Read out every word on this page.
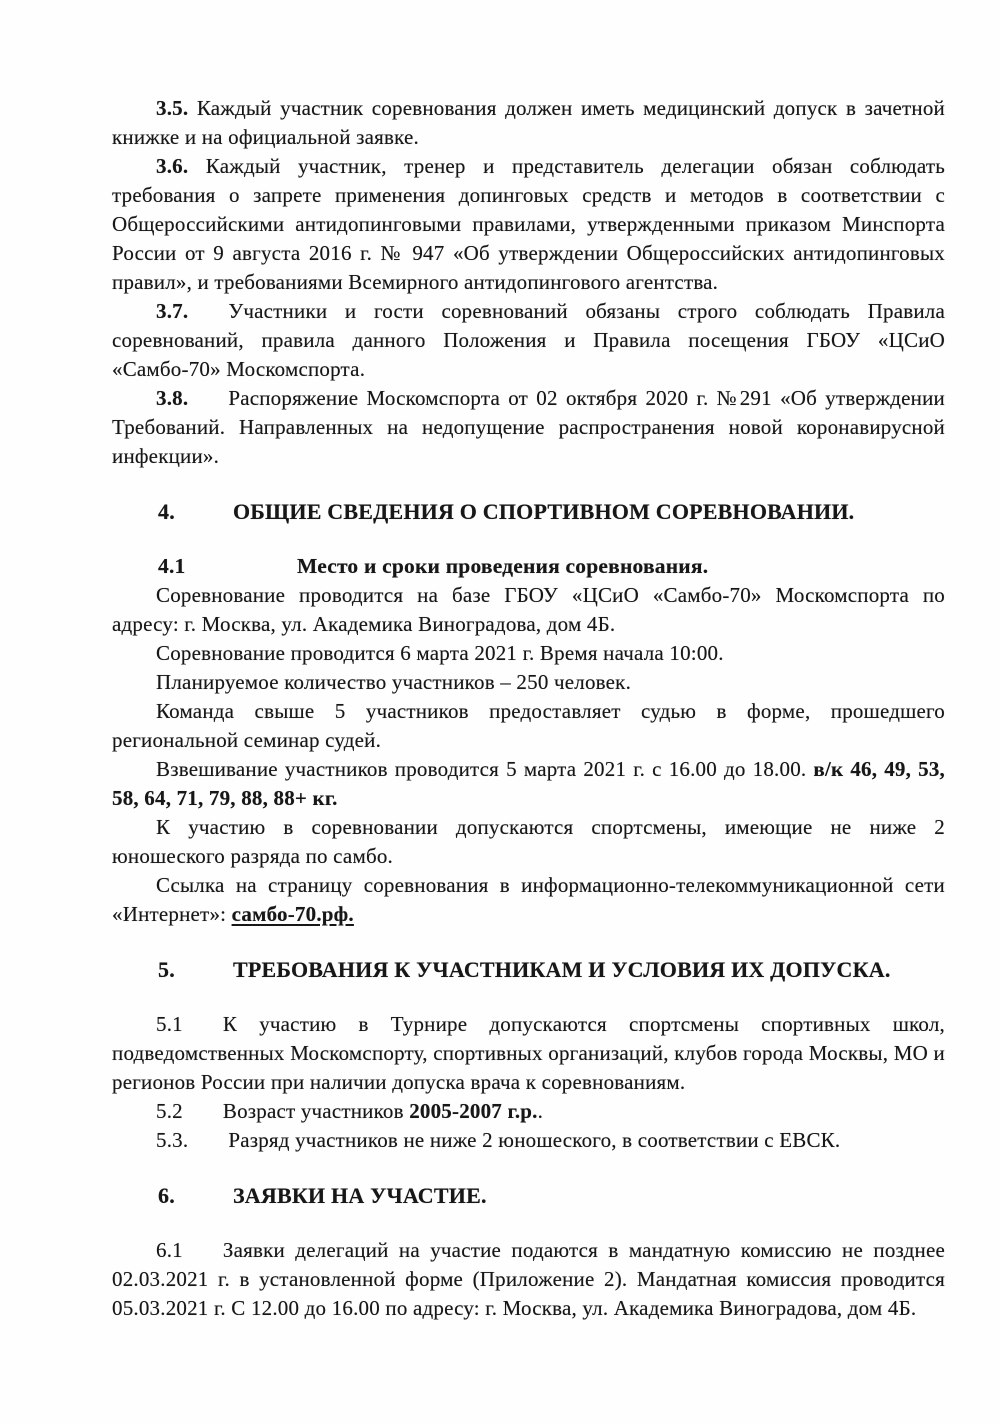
3.5. Каждый участник соревнования должен иметь медицинский допуск в зачетной книжке и на официальной заявке.
3.6. Каждый участник, тренер и представитель делегации обязан соблюдать требования о запрете применения допинговых средств и методов в соответствии с Общероссийскими антидопинговыми правилами, утвержденными приказом Минспорта России от 9 августа 2016 г. № 947 «Об утверждении Общероссийских антидопинговых правил», и требованиями Всемирного антидопингового агентства.
3.7. Участники и гости соревнований обязаны строго соблюдать Правила соревнований, правила данного Положения и Правила посещения ГБОУ «ЦСиО «Самбо-70» Москомспорта.
3.8. Распоряжение Москомспорта от 02 октября 2020 г. №291 «Об утверждении Требований. Направленных на недопущение распространения новой коронавирусной инфекции».
4.	ОБЩИЕ СВЕДЕНИЯ О СПОРТИВНОМ СОРЕВНОВАНИИ.
4.1	Место и сроки проведения соревнования.
Соревнование проводится на базе ГБОУ «ЦСиО «Самбо-70» Москомспорта по адресу: г. Москва, ул. Академика Виноградова, дом 4Б.
Соревнование проводится 6 марта 2021 г. Время начала 10:00.
Планируемое количество участников – 250 человек.
Команда свыше 5 участников предоставляет судью в форме, прошедшего региональной семинар судей.
Взвешивание участников проводится 5 марта 2021 г. с 16.00 до 18.00. в/к 46, 49, 53, 58, 64, 71, 79, 88, 88+ кг.
К участию в соревновании допускаются спортсмены, имеющие не ниже 2 юношеского разряда по самбо.
Ссылка на страницу соревнования в информационно-телекоммуникационной сети «Интернет»: самбо-70.рф.
5.	ТРЕБОВАНИЯ К УЧАСТНИКАМ И УСЛОВИЯ ИХ ДОПУСКА.
5.1 К участию в Турнире допускаются спортсмены спортивных школ, подведомственных Москомспорту, спортивных организаций, клубов города Москвы, МО и регионов России при наличии допуска врача к соревнованиям.
5.2 Возраст участников 2005-2007 г.р..
5.3. Разряд участников не ниже 2 юношеского, в соответствии с ЕВСК.
6.	ЗАЯВКИ НА УЧАСТИЕ.
6.1 Заявки делегаций на участие подаются в мандатную комиссию не позднее 02.03.2021 г. в установленной форме (Приложение 2). Мандатная комиссия проводится 05.03.2021 г. С 12.00 до 16.00 по адресу: г. Москва, ул. Академика Виноградова, дом 4Б.
